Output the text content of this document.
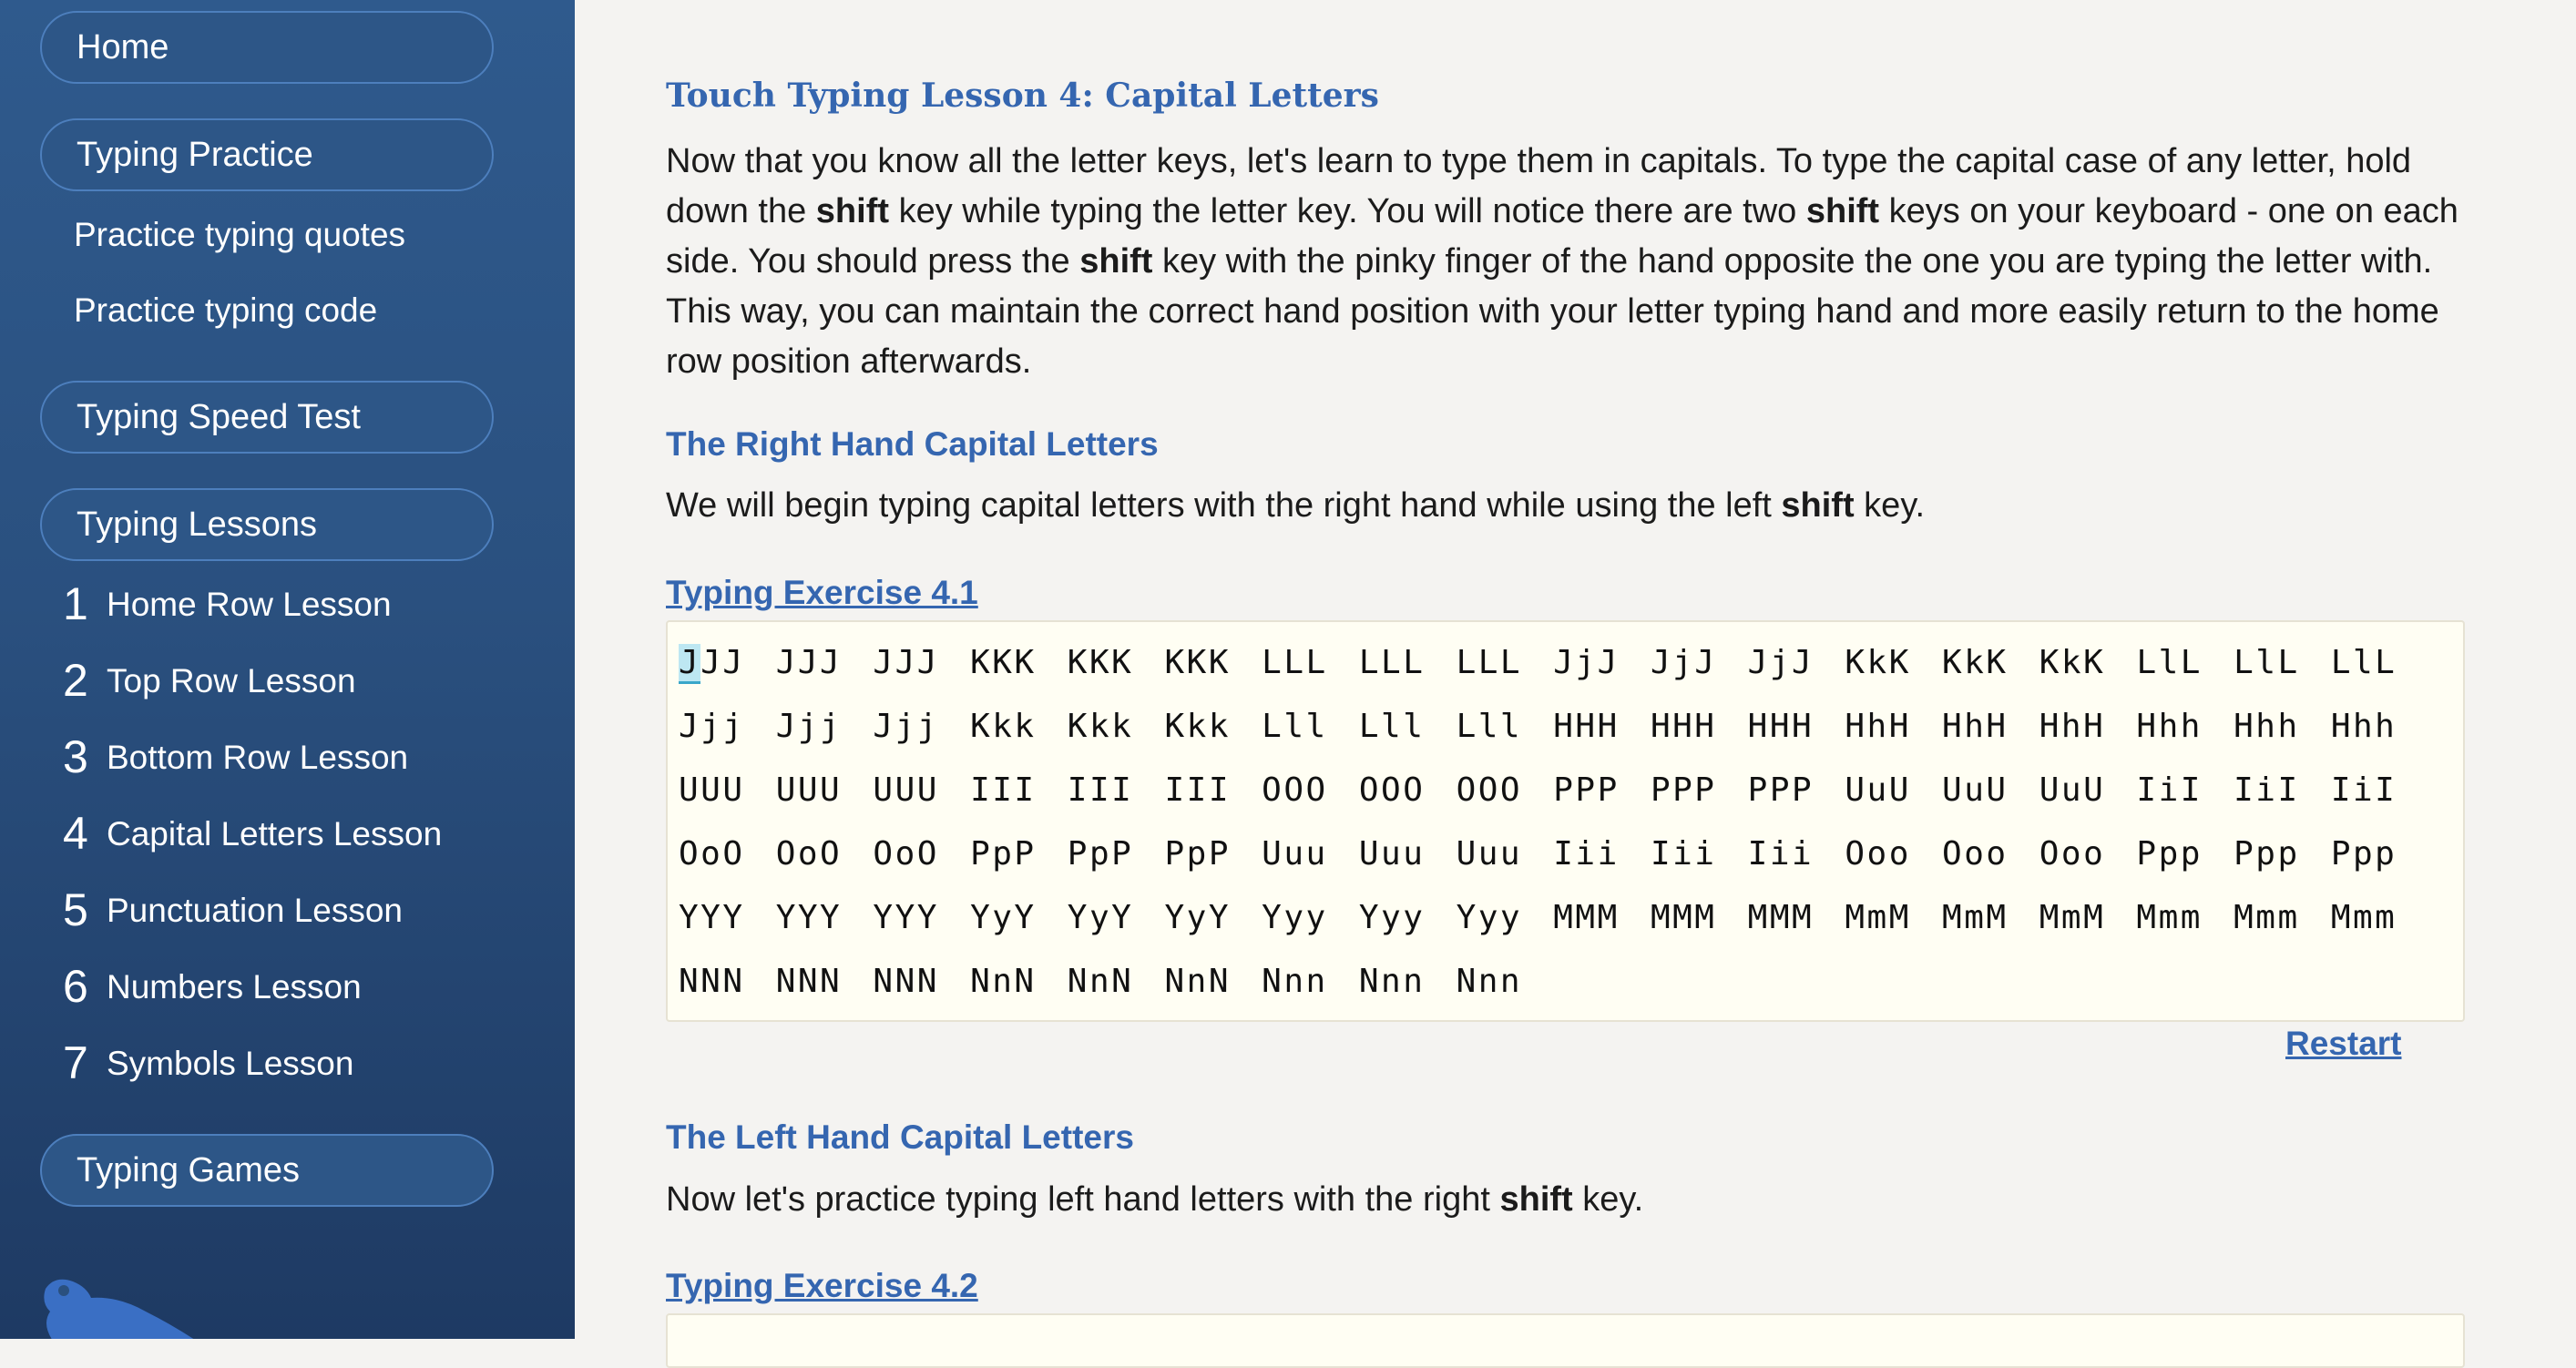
Home
Typing Practice
Practice typing quotes
Practice typing code
Typing Speed Test
Typing Lessons
1 Home Row Lesson
2 Top Row Lesson
3 Bottom Row Lesson
4 Capital Letters Lesson
5 Punctuation Lesson
6 Numbers Lesson
7 Symbols Lesson
Typing Games
Touch Typing Lesson 4: Capital Letters

Now that you know all the letter keys, let's learn to type them in capitals. To type the capital case of any letter, hold down the shift key while typing the letter key. You will notice there are two shift keys on your keyboard - one on each side. You should press the shift key with the pinky finger of the hand opposite the one you are typing the letter with. This way, you can maintain the correct hand position with your letter typing hand and more easily return to the home row position afterwards.

The Right Hand Capital Letters

We will begin typing capital letters with the right hand while using the left shift key.

Typing Exercise 4.1
JJJ JJJ JJJ KKK KKK KKK LLL LLL LLL JjJ JjJ JjJ KkK KkK KkK LlL LlL LlL Jjj Jjj Jjj Kkk Kkk Kkk Lll Lll Lll HHH HHH HHH HhH HhH HhH Hhh Hhh Hhh UUU UUU UUU III III III OOO OOO OOO PPP PPP PPP UuU UuU UuU IiI IiI IiI OoO OoO OoO PpP PpP PpP Uuu Uuu Uuu Iii Iii Iii Ooo Ooo Ooo Ppp Ppp Ppp YYY YYY YYY YyY YyY YyY Yyy Yyy Yyy MMM MMM MMM MmM MmM MmM Mmm Mmm Mmm NNN NNN NNN NnN NnN NnN Nnn Nnn Nnn
Restart
The Left Hand Capital Letters

Now let's practice typing left hand letters with the right shift key.

Typing Exercise 4.2
